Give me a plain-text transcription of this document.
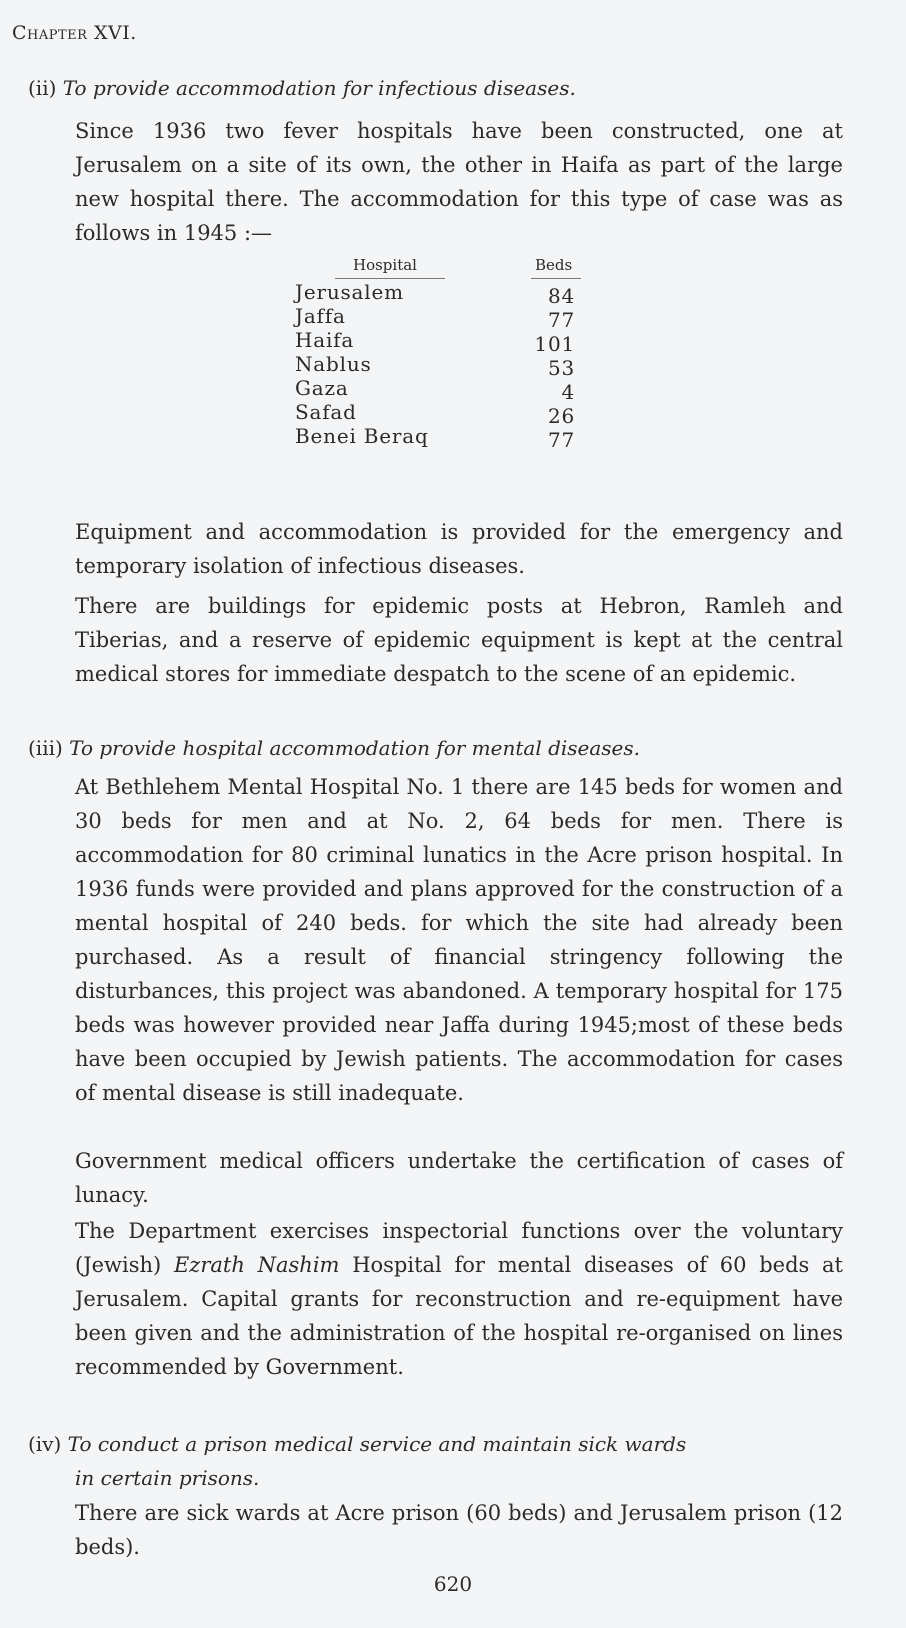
Chapter XVI.
(ii) To provide accommodation for infectious diseases.
Since 1936 two fever hospitals have been constructed, one at Jerusalem on a site of its own, the other in Haifa as part of the large new hospital there. The accommodation for this type of case was as follows in 1945 :—
Hospital	Beds
Jerusalem	84
Jaffa	77
Haifa	101
Nablus	53
Gaza	4
Safad	26
Benei Beraq	77
Equipment and accommodation is provided for the emergency and temporary isolation of infectious diseases.
There are buildings for epidemic posts at Hebron, Ramleh and Tiberias, and a reserve of epidemic equipment is kept at the central medical stores for immediate despatch to the scene of an epidemic.
(iii) To provide hospital accommodation for mental diseases.
At Bethlehem Mental Hospital No. 1 there are 145 beds for women and 30 beds for men and at No. 2, 64 beds for men. There is accommodation for 80 criminal lunatics in the Acre prison hospital. In 1936 funds were provided and plans approved for the construction of a mental hospital of 240 beds. for which the site had already been purchased. As a result of financial stringency following the disturbances, this project was abandoned. A temporary hospital for 175 beds was however provided near Jaffa during 1945;most of these beds have been occupied by Jewish patients. The accommodation for cases of mental disease is still inadequate.
Government medical officers undertake the certification of cases of lunacy.
The Department exercises inspectorial functions over the voluntary (Jewish) Ezrath Nashim Hospital for mental diseases of 60 beds at Jerusalem. Capital grants for reconstruction and re-equipment have been given and the administration of the hospital re-organised on lines recommended by Government.
(iv) To conduct a prison medical service and maintain sick wards
in certain prisons.
There are sick wards at Acre prison (60 beds) and Jerusalem prison (12 beds).
620
